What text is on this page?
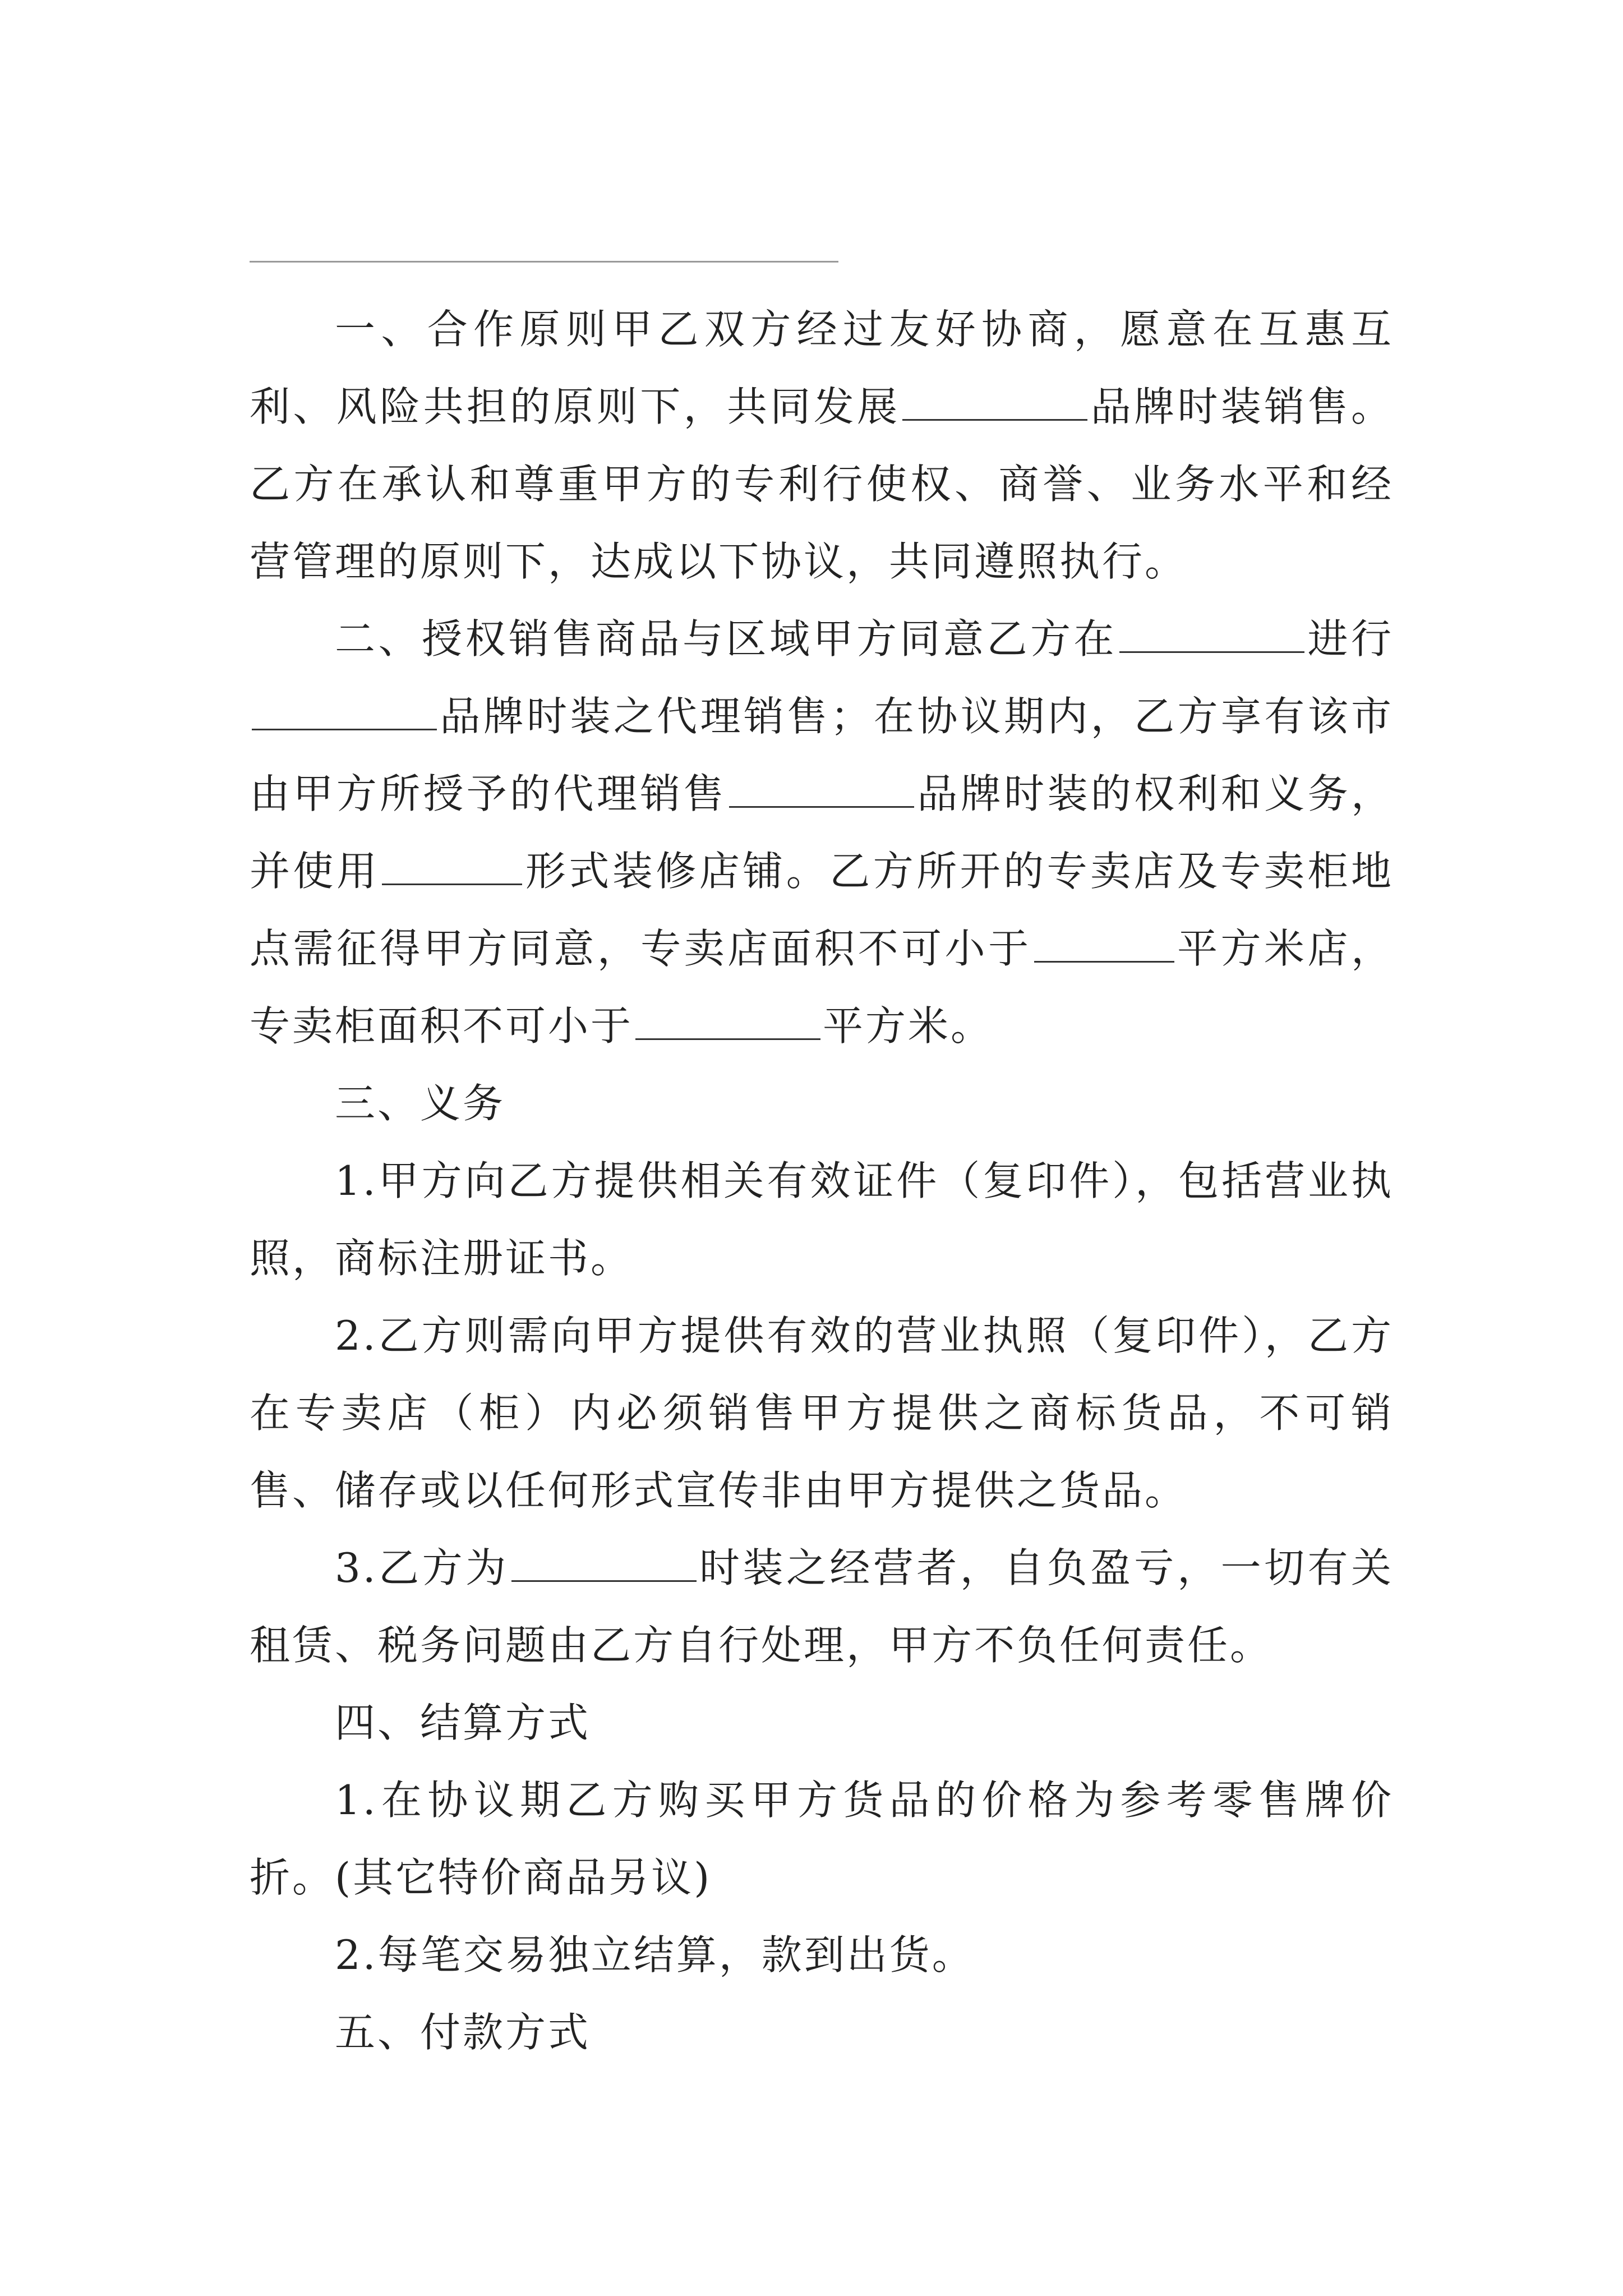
一、合作原则甲乙双方经过友好协商，愿意在互惠互利、风险共担的原则下，共同发展	品牌时装销售。乙方在承认和尊重甲方的专利行使权、商誉、业务水平和经营管理的原则下，达成以下协议，共同遵照执行。

二、授权销售商品与区域甲方同意乙方在	进行品牌时装之代理销售；在协议期内，乙方享有该市由甲方所授予的代理销售	品牌时装的权利和义务，并使用	形式装修店铺。乙方所开的专卖店及专卖柜地点需征得甲方同意，专卖店面积不可小于	平方米店，专卖柜面积不可小于	平方米。

三、义务

1.甲方向乙方提供相关有效证件（复印件），包括营业执照，商标注册证书。

2.乙方则需向甲方提供有效的营业执照（复印件），乙方在专卖店（柜）内必须销售甲方提供之商标货品，不可销售、储存或以任何形式宣传非由甲方提供之货品。

3.乙方为	时装之经营者，自负盈亏，一切有关租赁、税务问题由乙方自行处理，甲方不负任何责任。

四、结算方式

1.在协议期乙方购买甲方货品的价格为参考零售牌价折。(其它特价商品另议)

2.每笔交易独立结算，款到出货。

五、付款方式
